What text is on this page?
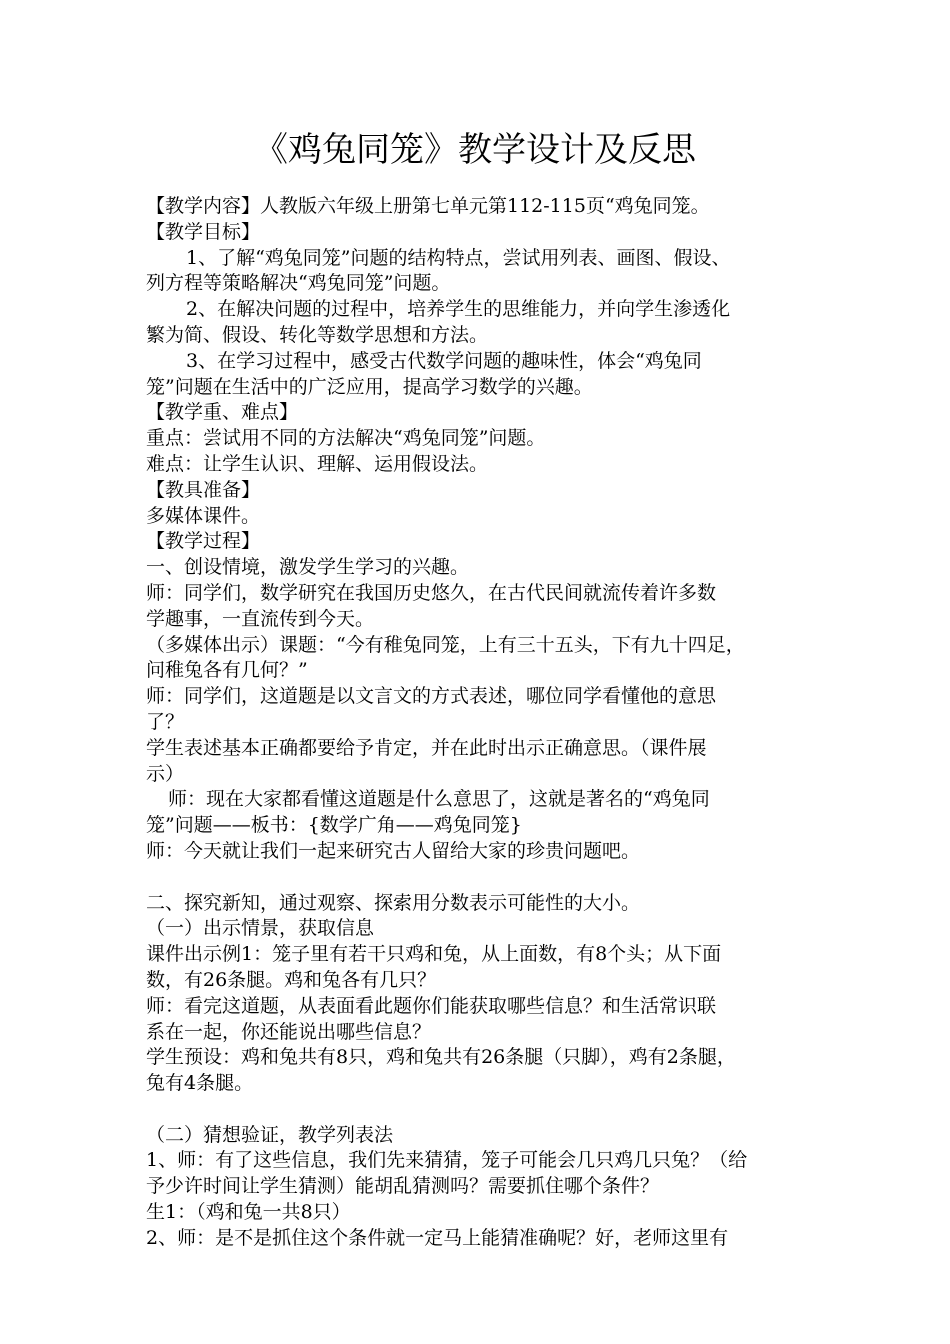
《鸡兔同笼》教学设计及反思
【教学内容】人教版六年级上册第七单元第112-115页“鸡兔同笼。
【教学目标】
1、了解“鸡兔同笼”问题的结构特点，尝试用列表、画图、假设、
列方程等策略解决“鸡兔同笼”问题。
2、在解决问题的过程中，培养学生的思维能力，并向学生渗透化
繁为简、假设、转化等数学思想和方法。
3、在学习过程中，感受古代数学问题的趣味性，体会“鸡兔同
笼”问题在生活中的广泛应用，提高学习数学的兴趣。
【教学重、难点】
重点：尝试用不同的方法解决“鸡兔同笼”问题。
难点：让学生认识、理解、运用假设法。
【教具准备】
多媒体课件。
【教学过程】
一、创设情境，激发学生学习的兴趣。
师：同学们，数学研究在我国历史悠久，在古代民间就流传着许多数
学趣事，一直流传到今天。
（多媒体出示）课题：“今有稚兔同笼，上有三十五头，下有九十四足，
问稚兔各有几何？”
师：同学们，这道题是以文言文的方式表述，哪位同学看懂他的意思
了？
学生表述基本正确都要给予肯定，并在此时出示正确意思。（课件展
示）
师：现在大家都看懂这道题是什么意思了，这就是著名的“鸡兔同
笼”问题——板书：{数学广角——鸡兔同笼}
师：今天就让我们一起来研究古人留给大家的珍贵问题吧。
二、探究新知，通过观察、探索用分数表示可能性的大小。
（一）出示情景，获取信息
课件出示例1：笼子里有若干只鸡和兔，从上面数，有8个头；从下面
数，有26条腿。鸡和兔各有几只？
师：看完这道题，从表面看此题你们能获取哪些信息？和生活常识联
系在一起，你还能说出哪些信息？
学生预设：鸡和兔共有8只，鸡和兔共有26条腿（只脚），鸡有2条腿，
兔有4条腿。
（二）猜想验证，教学列表法
1、师：有了这些信息，我们先来猜猜，笼子可能会几只鸡几只兔？（给
予少许时间让学生猜测）能胡乱猜测吗？需要抓住哪个条件？
生1：（鸡和兔一共8只）
2、师：是不是抓住这个条件就一定马上能猜准确呢？好，老师这里有
